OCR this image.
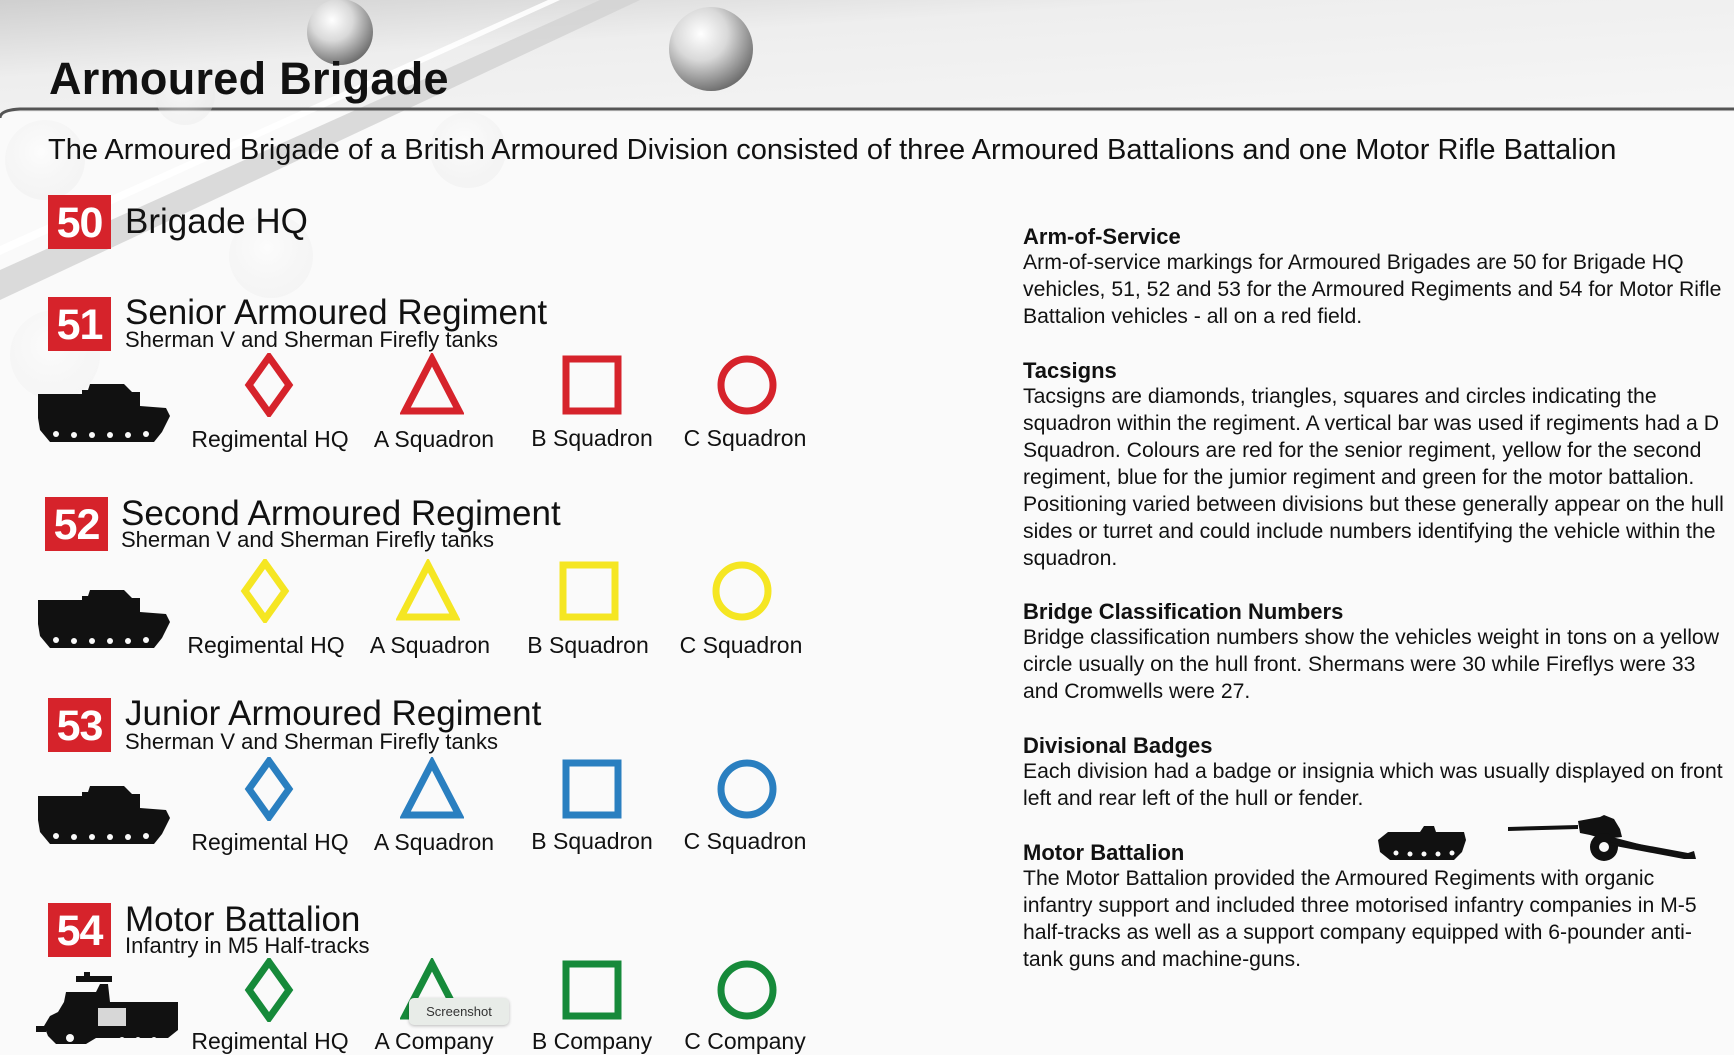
Armoured Brigade
The Armoured Brigade of a British Armoured Division consisted of three Armoured Battalions and one Motor Rifle Battalion
50 Brigade HQ
51 Senior Armoured Regiment
Sherman V and Sherman Firefly tanks
Regimental HQ A Squadron B Squadron C Squadron
52 Second Armoured Regiment
Sherman V and Sherman Firefly tanks
Regimental HQ A Squadron B Squadron C Squadron
53 Junior Armoured Regiment
Sherman V and Sherman Firefly tanks
Regimental HQ A Squadron B Squadron C Squadron
54 Motor Battalion
Infantry in M5 Half-tracks
Regimental HQ A Company B Company C Company
Screenshot
Arm-of-Service
Arm-of-service markings for Armoured Brigades are 50 for Brigade HQ vehicles, 51, 52 and 53 for the Armoured Regiments and 54 for Motor Rifle Battalion vehicles - all on a red field.
Tacsigns
Tacsigns are diamonds, triangles, squares and circles indicating the squadron within the regiment. A vertical bar was used if regiments had a D Squadron. Colours are red for the senior regiment, yellow for the second regiment, blue for the jumior regiment and green for the motor battalion. Positioning varied between divisions but these generally appear on the hull sides or turret and could include numbers identifying the vehicle within the squadron.
Bridge Classification Numbers
Bridge classification numbers show the vehicles weight in tons on a yellow circle usually on the hull front. Shermans were 30 while Fireflys were 33 and Cromwells were 27.
Divisional Badges
Each division had a badge or insignia which was usually displayed on front left and rear left of the hull or fender.
Motor Battalion
The Motor Battalion provided the Armoured Regiments with organic infantry support and included three motorised infantry companies in M-5 half-tracks as well as a support company equipped with 6-pounder anti-tank guns and machine-guns.
